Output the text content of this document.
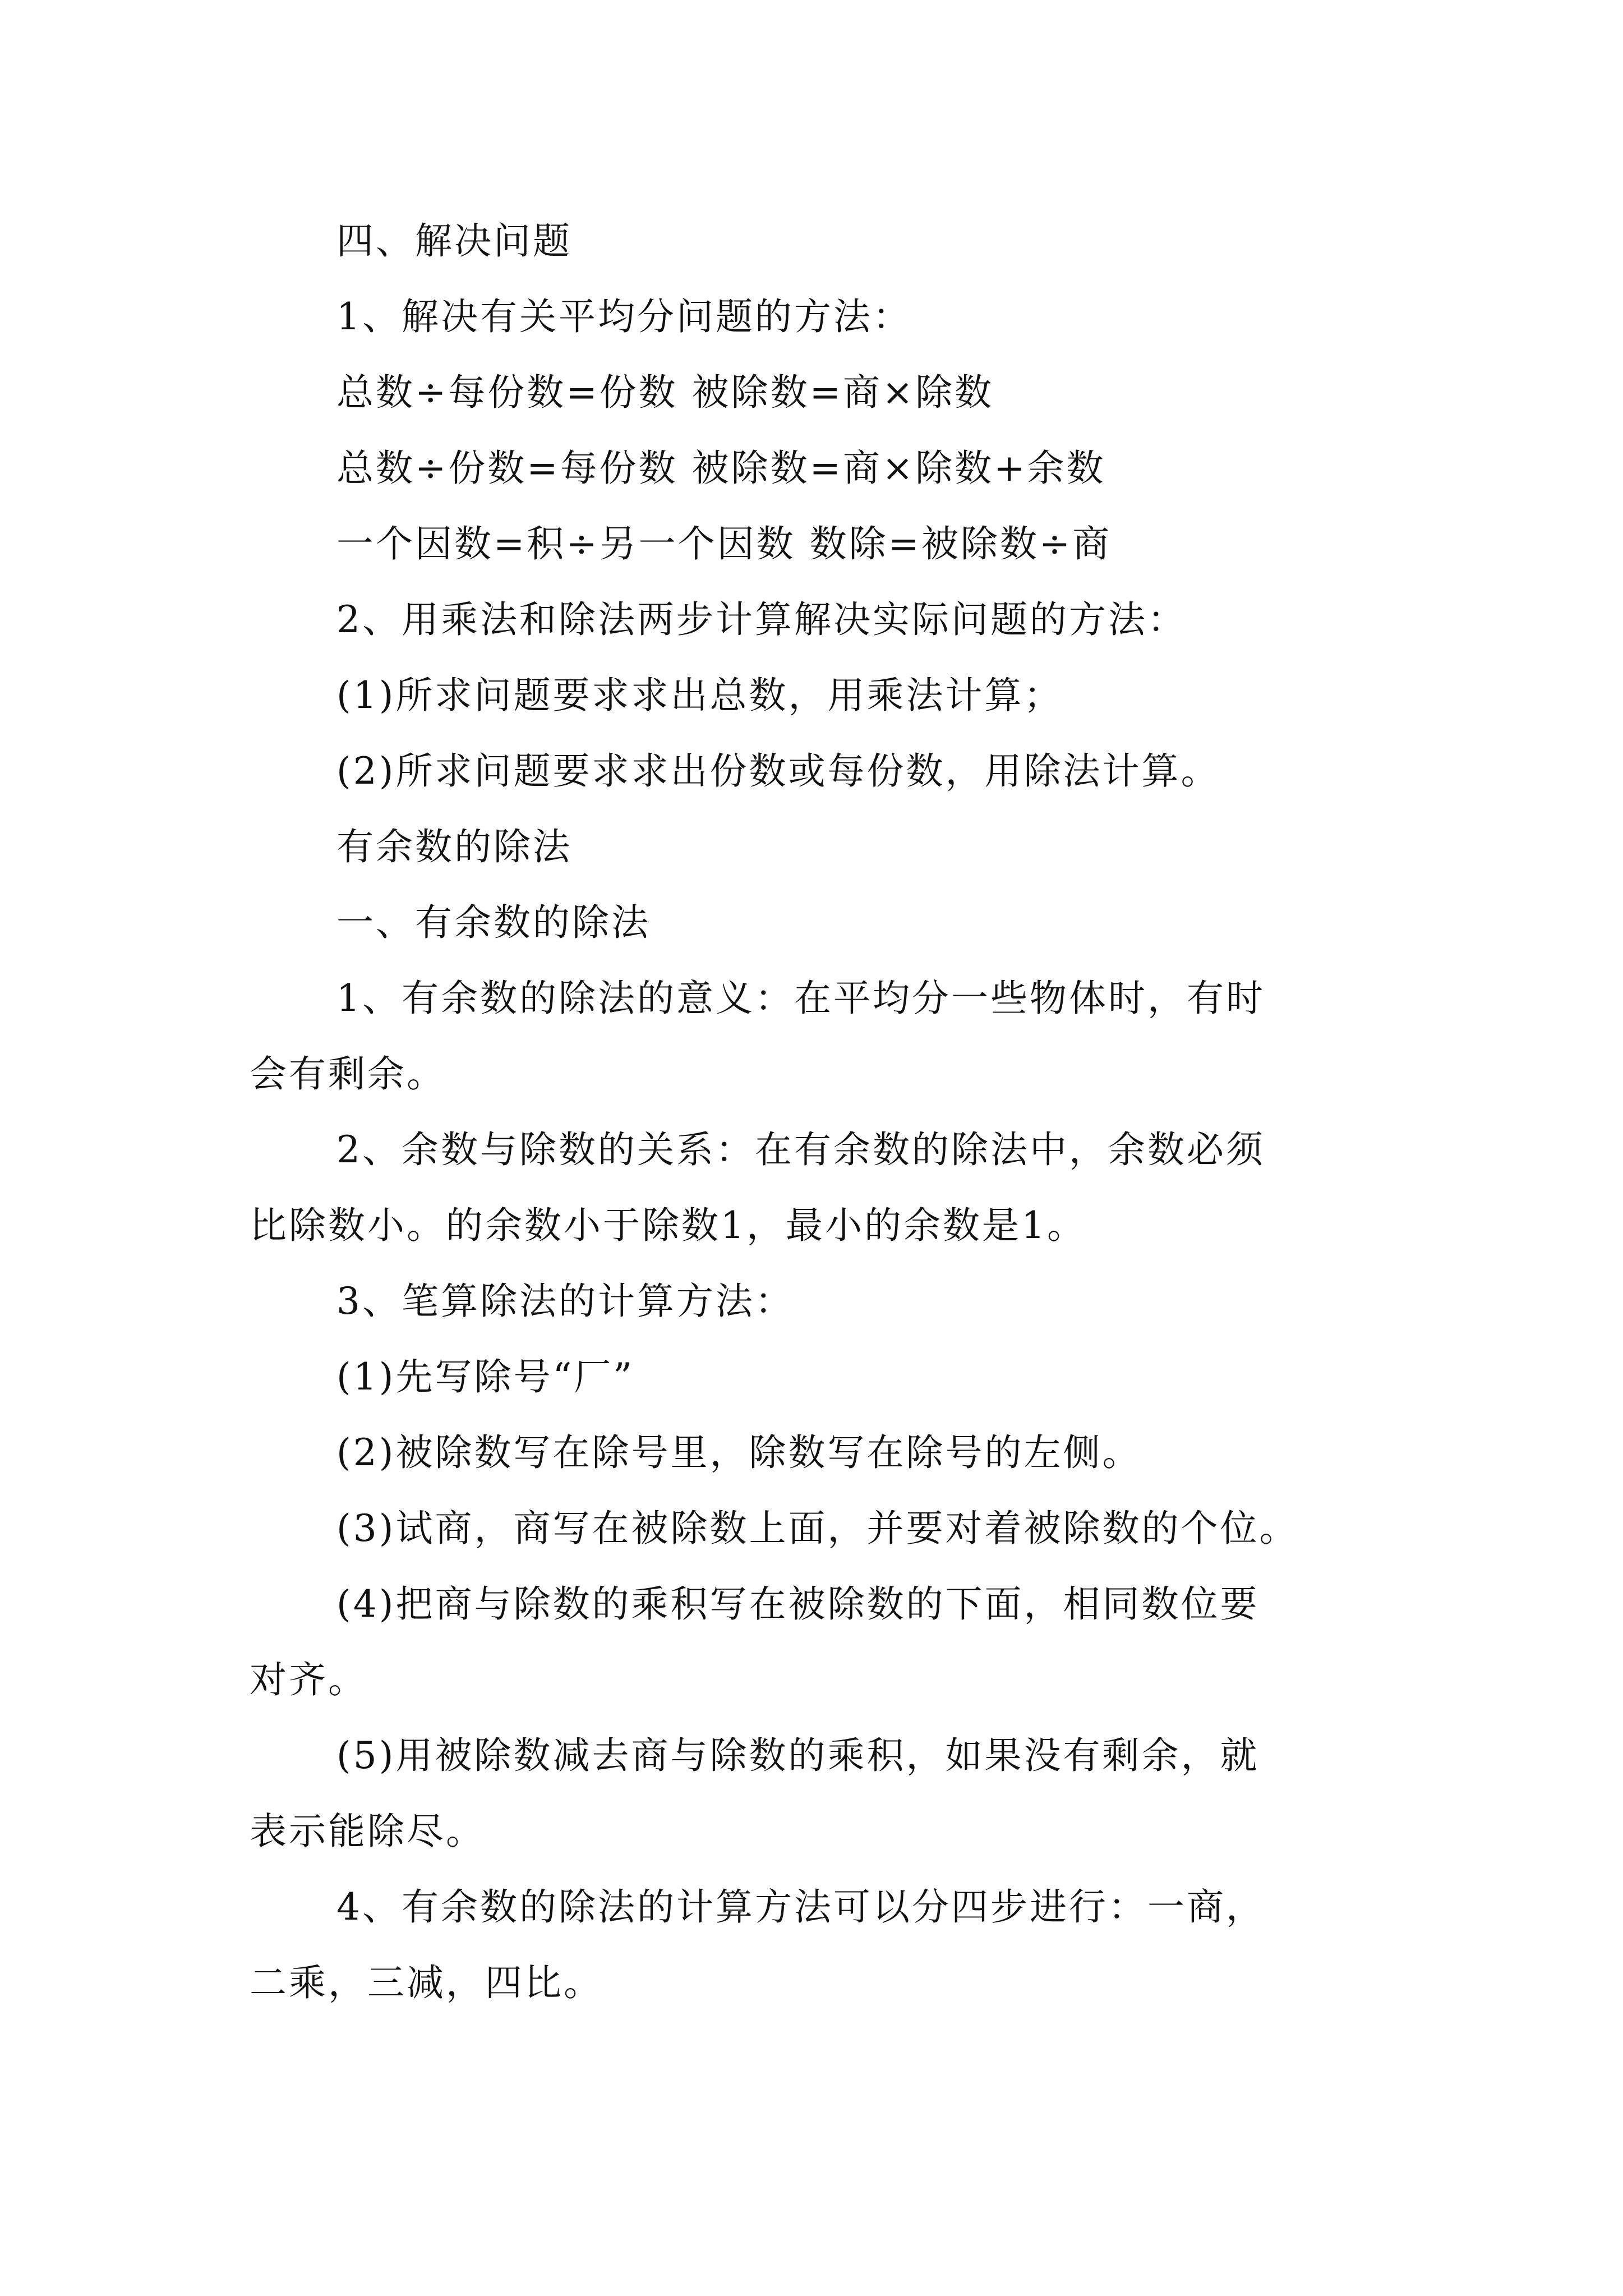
四、解决问题
1、解决有关平均分问题的方法：
总数÷每份数=份数 被除数=商×除数
总数÷份数=每份数 被除数=商×除数+余数
一个因数=积÷另一个因数 数除=被除数÷商
2、用乘法和除法两步计算解决实际问题的方法：
(1)所求问题要求求出总数，用乘法计算；
(2)所求问题要求求出份数或每份数，用除法计算。
有余数的除法
一、有余数的除法
1、有余数的除法的意义：在平均分一些物体时，有时
会有剩余。
2、余数与除数的关系：在有余数的除法中，余数必须
比除数小。的余数小于除数1，最小的余数是1。
3、笔算除法的计算方法：
(1)先写除号“厂”
(2)被除数写在除号里，除数写在除号的左侧。
(3)试商，商写在被除数上面，并要对着被除数的个位。
(4)把商与除数的乘积写在被除数的下面，相同数位要
对齐。
(5)用被除数减去商与除数的乘积，如果没有剩余，就
表示能除尽。
4、有余数的除法的计算方法可以分四步进行：一商，
二乘，三减，四比。
